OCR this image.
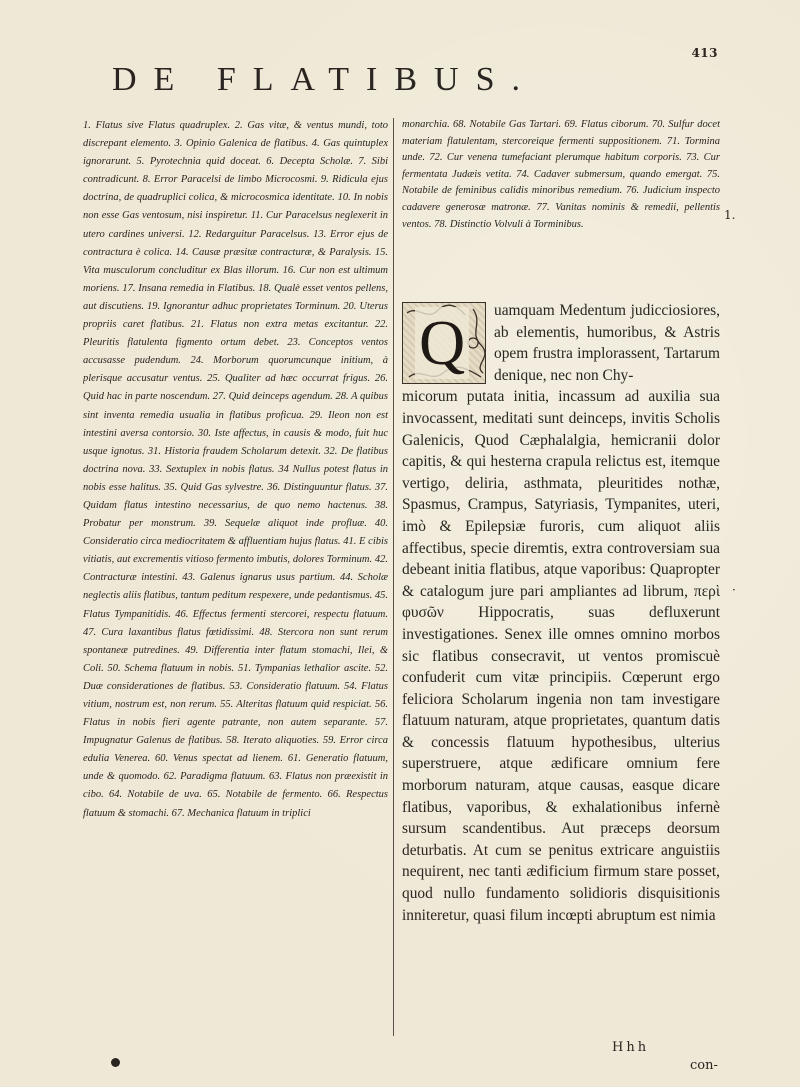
413
DE FLATIBUS.
1. Flatus sive Flatus quadruplex. 2. Gas vitæ, & ventus mundi, toto discrepant elemento. 3. Opinio Galenica de flatibus. 4. Gas quintuplex ignorarunt. 5. Pyrotechnia quid doceat. 6. Decepta Scholæ. 7. Sibi contradicunt. 8. Error Paracelsi de limbo Microcosmi. 9. Ridicula ejus doctrina, de quadruplici colica, & microcosmica identitate. 10. In nobis non esse Gas ventosum, nisi inspiretur. 11. Cur Paracelsus neglexerit in utero cardines universi. 12. Redarguitur Paracelsus. 13. Error ejus de contractura è colica. 14. Causæ præsitæ contracturæ, & Paralysis. 15. Vita musculorum concluditur ex Blas illorum. 16. Cur non est ultimum moriens. 17. Insana remedia in Flatibus. 18. Qualè esset ventos pellens, aut discutiens. 19. Ignorantur adhuc proprietates Torminum. 20. Uterus propriis caret flatibus. 21. Flatus non extra metas excitantur. 22. Pleuritis flatulenta figmento ortum debet. 23. Conceptos ventos accusasse pudendum. 24. Morborum quorumcunque initium, à plerisque accusatur ventus. 25. Qualiter ad hæc occurrat frigus. 26. Quid hac in parte noscendum. 27. Quid deinceps agendum. 28. A quibus sint inventa remedia usualia in flatibus proficua. 29. Ileon non est intestini aversa contorsio. 30. Iste affectus, in causis & modo, fuit huc usque ignotus. 31. Historia fraudem Scholarum detexit. 32. De flatibus doctrina nova. 33. Sextuplex in nobis flatus. 34 Nullus potest flatus in nobis esse halitus. 35. Quid Gas sylvestre. 36. Distinguuntur flatus. 37. Quidam flatus intestino necessarius, de quo nemo hactenus. 38. Probatur per monstrum. 39. Sequelæ aliquot inde profluæ. 40. Consideratio circa mediocritatem & affluentiam hujus flatus. 41. E cibis vitiatis, aut excrementis vitioso fermento imbutis, dolores Torminum. 42. Contracturæ intestini. 43. Galenus ignarus usus partium. 44. Scholæ neglectis aliis flatibus, tantum peditum respexere, unde pedantismus. 45. Flatus Tympanitidis. 46. Effectus fermenti stercorei, respectu flatuum. 47. Cura laxantibus flatus fœtidissimi. 48. Stercora non sunt rerum spontaneæ putredines. 49. Differentia inter flatum stomachi, Ilei, & Coli. 50. Schema flatuum in nobis. 51. Tympanias lethalior ascite. 52. Duæ considerationes de flatibus. 53. Consideratio flatuum. 54. Flatus vitium, nostrum est, non rerum. 55. Alteritas flatuum quid respiciat. 56. Flatus in nobis fieri agente patrante, non autem separante. 57. Impugnatur Galenus de flatibus. 58. Iterato aliquoties. 59. Error circa edulia Venerea. 60. Venus spectat ad lienem. 61. Generatio flatuum, unde & quomodo. 62. Paradigma flatuum. 63. Flatus non præexistit in cibo. 64. Notabile de uva. 65. Notabile de fermento. 66. Respectus flatuum & stomachi. 67. Mechanica flatuum in triplici
monarchia. 68. Notabile Gas Tartari. 69. Flatus ciborum. 70. Sulfur docet materiam flatulentam, stercoreique fermenti suppositionem. 71. Tormina unde. 72. Cur venena tumefaciant plerumque habitum corporis. 73. Cur fermentata Judæis vetita. 74. Cadaver submersum, quando emergat. 75. Notabile de feminibus calidis minoribus remedium. 76. Judicium inspecto cadavere generosæ matronæ. 77. Vanitas nominis & remedii, pellentis ventos. 78. Distinctio Volvuli à Torminibus.
Q	uamquam Medentum judicciosiores, ab elementis, humoribus, & Astris opem frustra implorassent, Tartarum denique, nec non Chy-
micorum putata initia, incassum ad auxilia sua invocassent, meditati sunt deinceps, invitis Scholis Galenicis, Quod Cæphalalgia, hemicranii dolor capitis, & qui hesterna crapula relictus est, itemque vertigo, deliria, asthmata, pleuritides nothæ, Spasmus, Crampus, Satyriasis, Tympanites, uteri, imò & Epilepsiæ furoris, cum aliquot aliis affectibus, specie diremtis, extra controversiam sua debeant initia flatibus, atque vaporibus: Quapropter & catalogum jure pari ampliantes ad librum, περὶ φυσῶν Hippocratis, suas defluxerunt investigationes. Senex ille omnes omnino morbos sic flatibus consecravit, ut ventos promiscuè confuderit cum vitæ principiis. Cœperunt ergo feliciora Scholarum ingenia non tam investigare flatuum naturam, atque proprietates, quantum datis & concessis flatuum hypothesibus, ulterius superstruere, atque ædificare omnium fere morborum naturam, atque causas, easque dicare flatibus, vaporibus, & exhalationibus infernè sursum scandentibus. Aut præceps deorsum deturbatis. At cum se penitus extricare anguistiis nequirent, nec tanti ædificium firmum stare posset, quod nullo fundamento solidioris disquisitionis inniteretur, quasi filum incœpti abruptum est nimia
1.
·
Hhh
con-
